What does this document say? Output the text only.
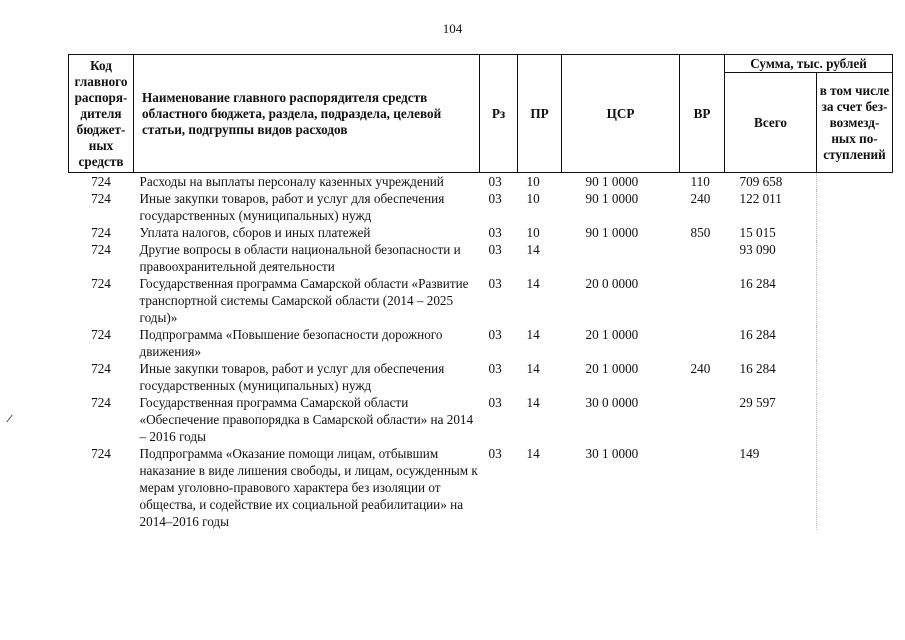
104
Код главного распоря-дителя бюджет-ных средств	Наименование главного распорядителя средств областного бюджета, раздела, подраздела, целевой статьи, подгруппы видов расходов	Рз	ПР	ЦСР	ВР	Сумма, тыс. рублей	
						Всего	в том числе за счет без-возмезд-ных по-ступлений
724	Расходы на выплаты персоналу казенных учреждений	03	10	90 1 0000	110	709 658	
724	Иные закупки товаров, работ и услуг для обеспечения государственных (муниципальных) нужд	03	10	90 1 0000	240	122 011	
724	Уплата налогов, сборов и иных платежей	03	10	90 1 0000	850	15 015	
724	Другие вопросы в области национальной безопасности и правоохранительной деятельности	03	14			93 090	
724	Государственная программа Самарской области «Развитие транспортной системы Самарской области (2014 – 2025 годы)»	03	14	20 0 0000		16 284	
724	Подпрограмма «Повышение безопасности дорожного движения»	03	14	20 1 0000		16 284	
724	Иные закупки товаров, работ и услуг для обеспечения государственных (муниципальных) нужд	03	14	20 1 0000	240	16 284	
724	Государственная программа Самарской области «Обеспечение правопорядка в Самарской области» на 2014 – 2016 годы	03	14	30 0 0000		29 597	
724	Подпрограмма «Оказание помощи лицам, отбывшим наказание в виде лишения свободы, и лицам, осужденным к мерам уголовно-правового характера без изоляции от общества, и содействие их социальной реабилитации» на 2014–2016 годы	03	14	30 1 0000		149	
